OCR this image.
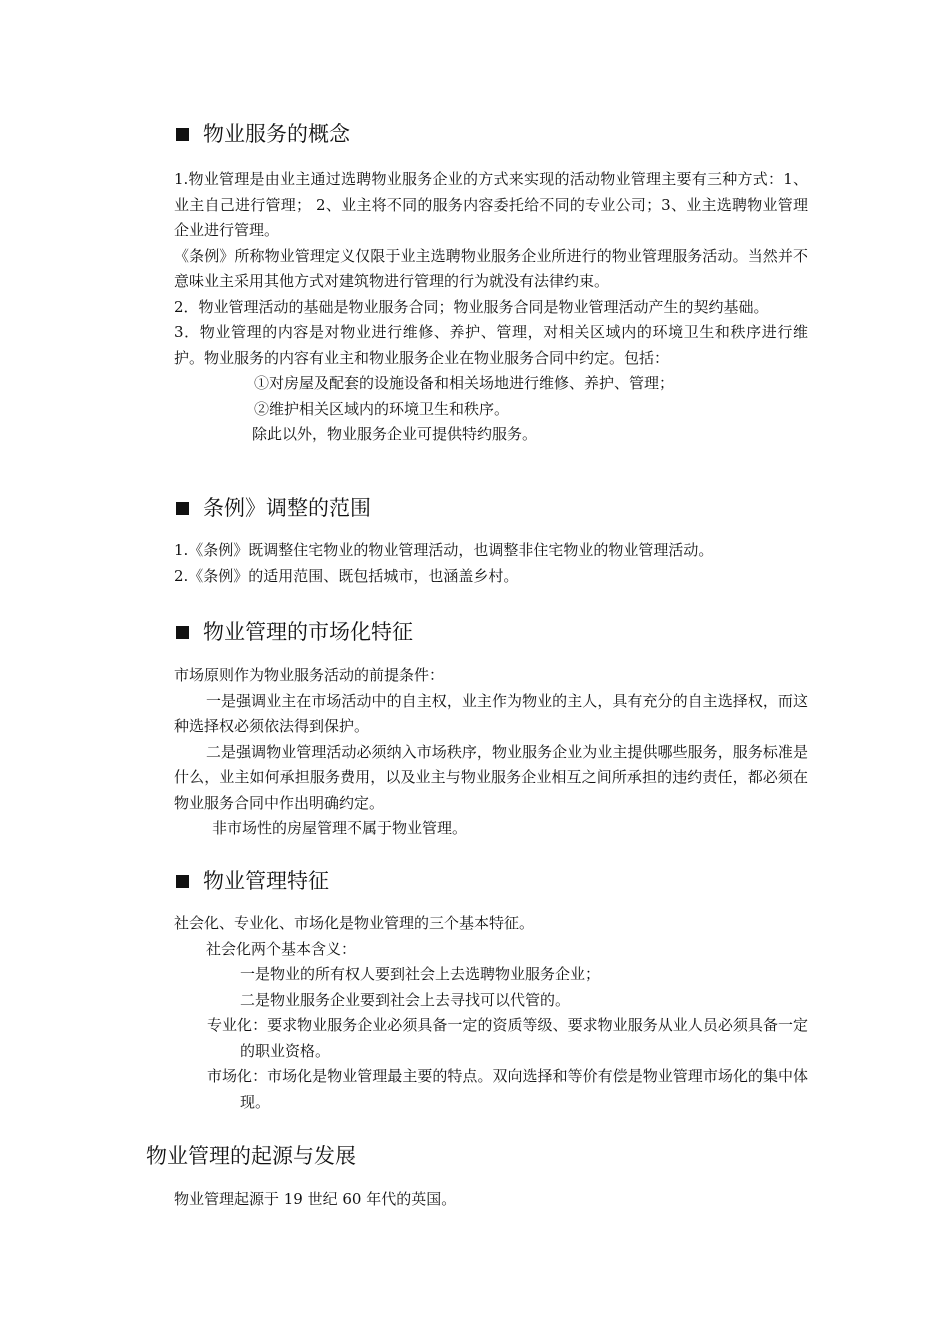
物业服务的概念

1.物业管理是由业主通过选聘物业服务企业的方式来实现的活动物业管理主要有三种方式：1、业主自己进行管理； 2、业主将不同的服务内容委托给不同的专业公司；3、业主选聘物业管理企业进行管理。

《条例》所称物业管理定义仅限于业主选聘物业服务企业所进行的物业管理服务活动。当然并不意味业主采用其他方式对建筑物进行管理的行为就没有法律约束。

2．物业管理活动的基础是物业服务合同；物业服务合同是物业管理活动产生的契约基础。

3．物业管理的内容是对物业进行维修、养护、管理，对相关区域内的环境卫生和秩序进行维护。物业服务的内容有业主和物业服务企业在物业服务合同中约定。包括：

①对房屋及配套的设施设备和相关场地进行维修、养护、管理；

②维护相关区域内的环境卫生和秩序。

除此以外，物业服务企业可提供特约服务。

条例》调整的范围

1.《条例》既调整住宅物业的物业管理活动，也调整非住宅物业的物业管理活动。

2.《条例》的适用范围、既包括城市，也涵盖乡村。

物业管理的市场化特征

市场原则作为物业服务活动的前提条件：

一是强调业主在市场活动中的自主权，业主作为物业的主人，具有充分的自主选择权，而这种选择权必须依法得到保护。

二是强调物业管理活动必须纳入市场秩序，物业服务企业为业主提供哪些服务，服务标准是什么，业主如何承担服务费用，以及业主与物业服务企业相互之间所承担的违约责任，都必须在物业服务合同中作出明确约定。

非市场性的房屋管理不属于物业管理。

物业管理特征

社会化、专业化、市场化是物业管理的三个基本特征。

社会化两个基本含义：

一是物业的所有权人要到社会上去选聘物业服务企业；

二是物业服务企业要到社会上去寻找可以代管的。

专业化：要求物业服务企业必须具备一定的资质等级、要求物业服务从业人员必须具备一定的职业资格。

市场化：市场化是物业管理最主要的特点。双向选择和等价有偿是物业管理市场化的集中体现。

物业管理的起源与发展

物业管理起源于 19 世纪 60 年代的英国。
